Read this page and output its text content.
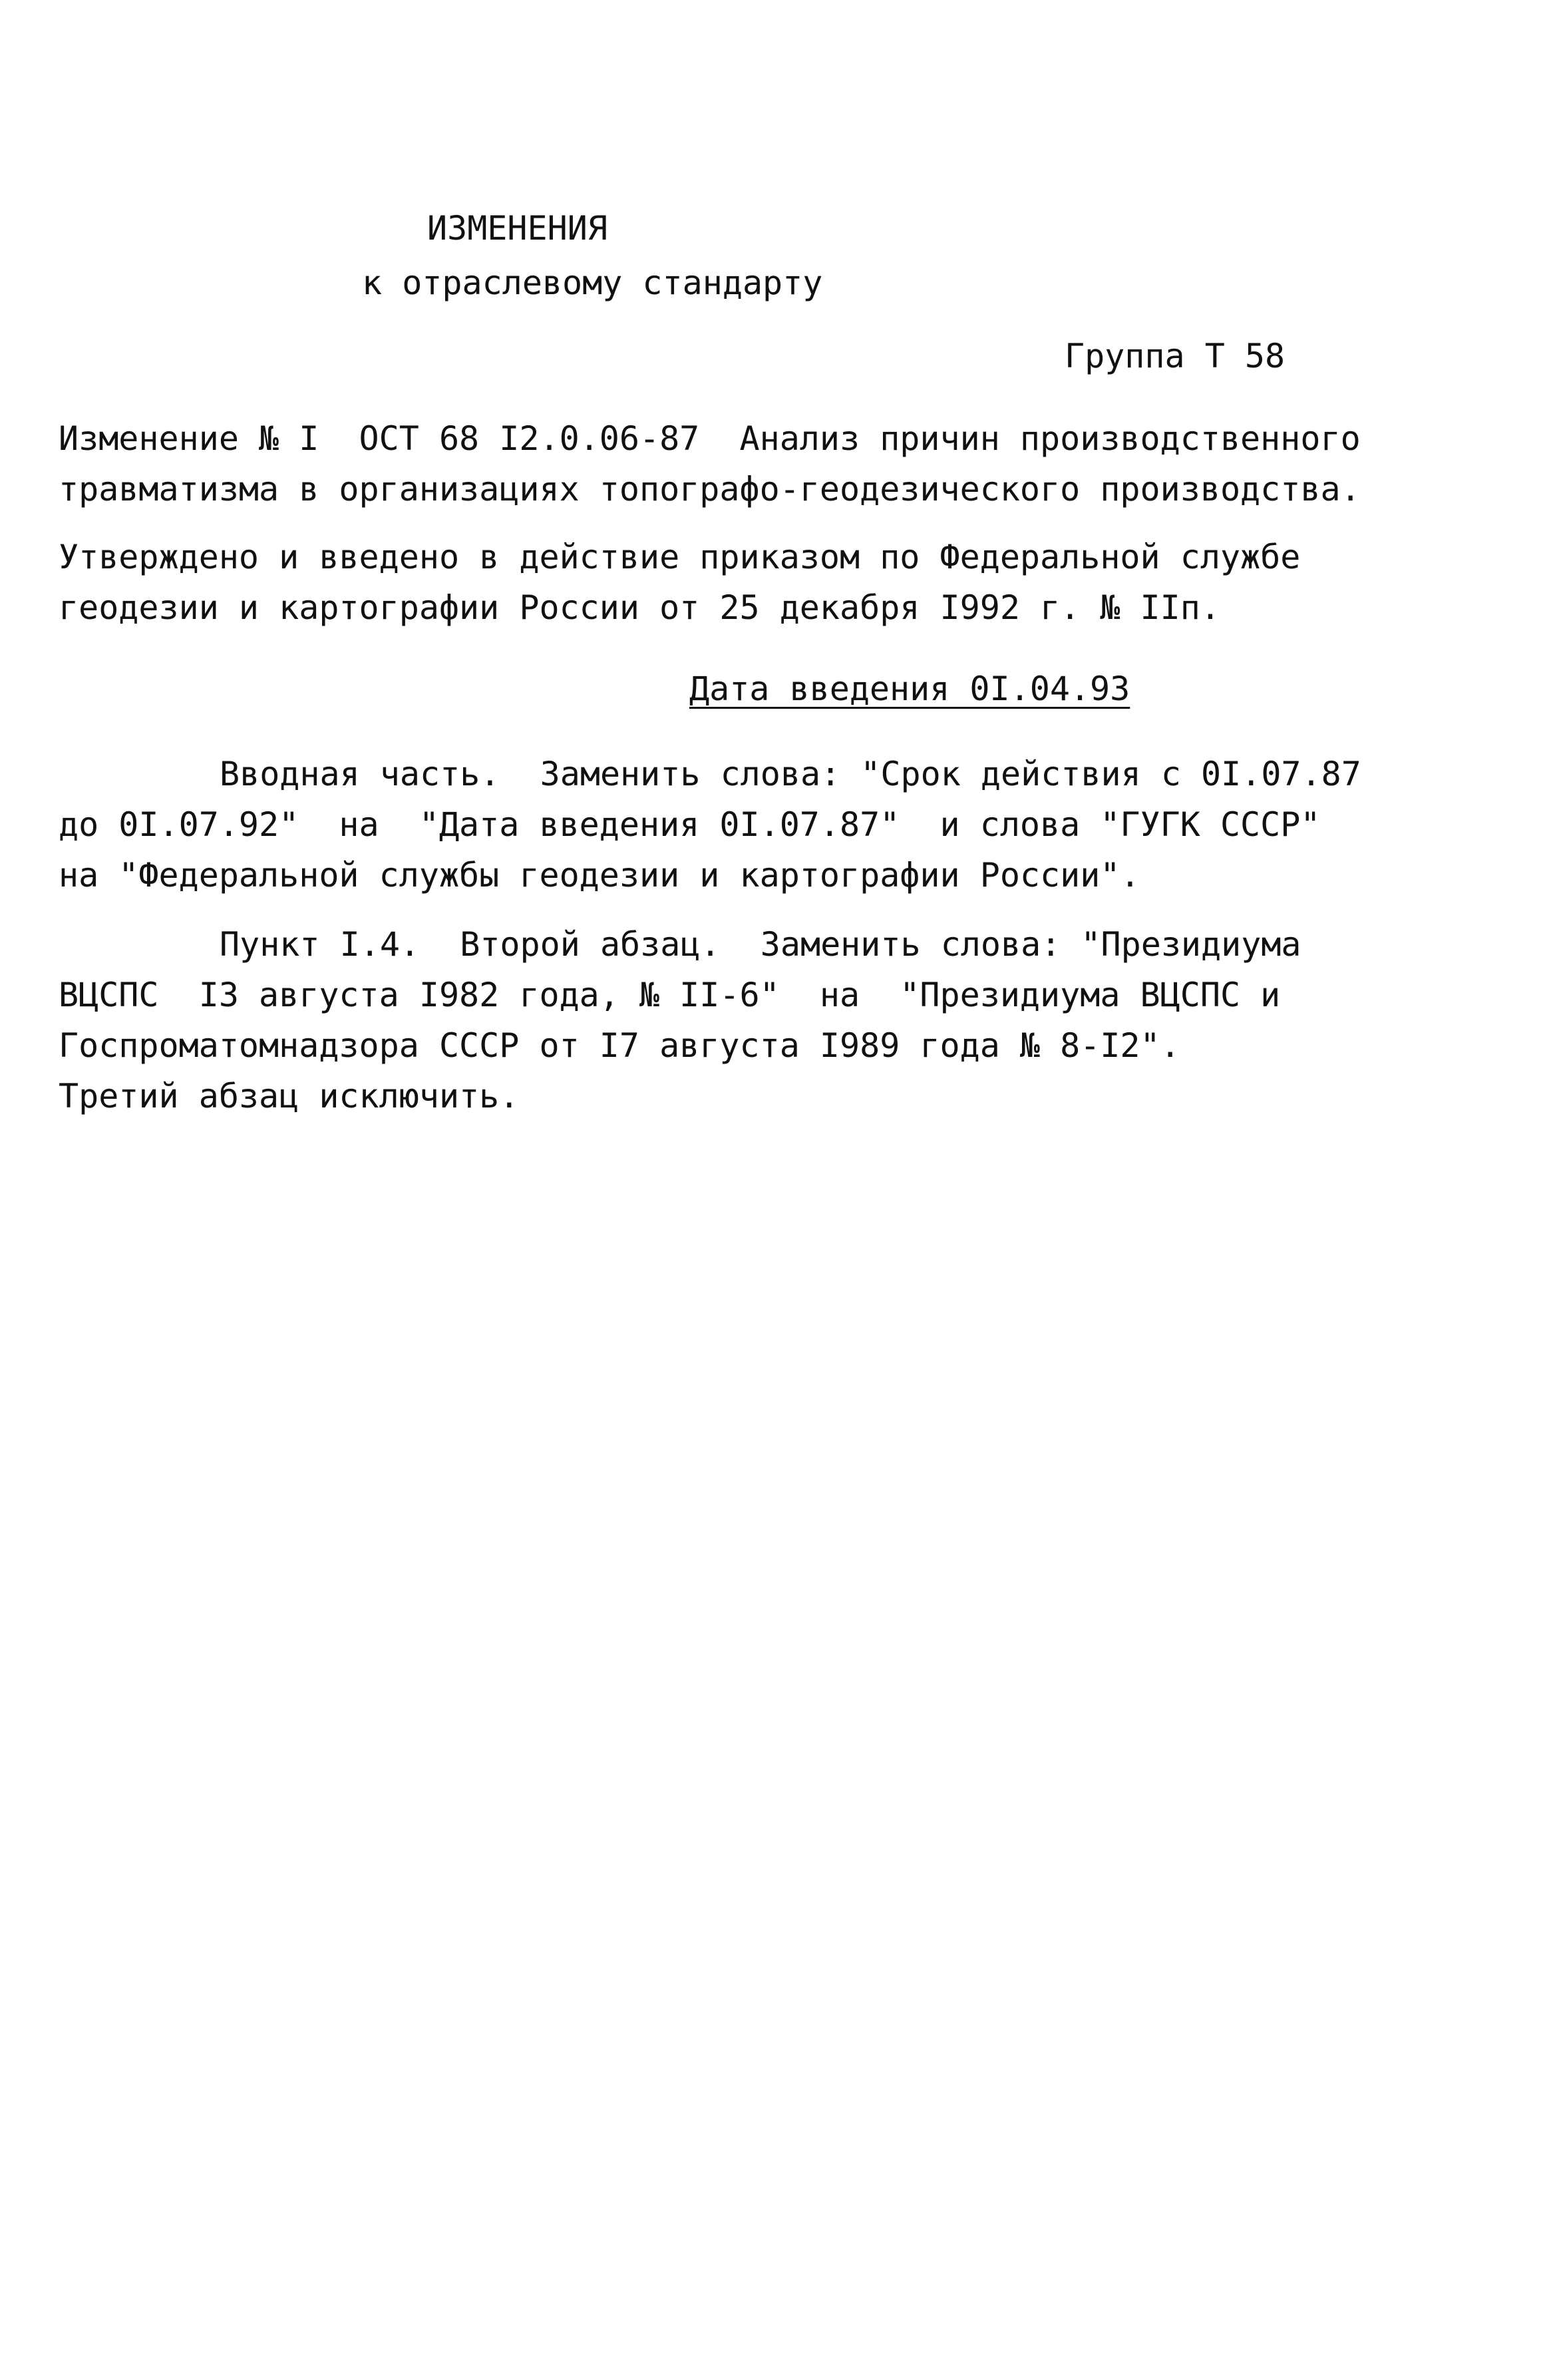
ИЗМЕНЕНИЯ
к отраслевому стандарту
Группа Т 58
Изменение № I  ОСТ 68 I2.0.06-87  Анализ причин производственного
травматизма в организациях топографо-геодезического производства.
Утверждено и введено в действие приказом по Федеральной службе
геодезии и картографии России от 25 декабря I992 г. № IIп.
Дата введения 0I.04.93
Вводная часть.  Заменить слова: "Срок действия с 0I.07.87
до 0I.07.92"  на  "Дата введения 0I.07.87"  и слова "ГУГК СССР"
на "Федеральной службы геодезии и картографии России".
Пункт I.4.  Второй абзац.  Заменить слова: "Президиума
ВЦСПС  I3 августа I982 года, № II-6"  на  "Президиума ВЦСПС и
Госпроматомнадзора СССР от I7 августа I989 года № 8-I2".
Третий абзац исключить.
